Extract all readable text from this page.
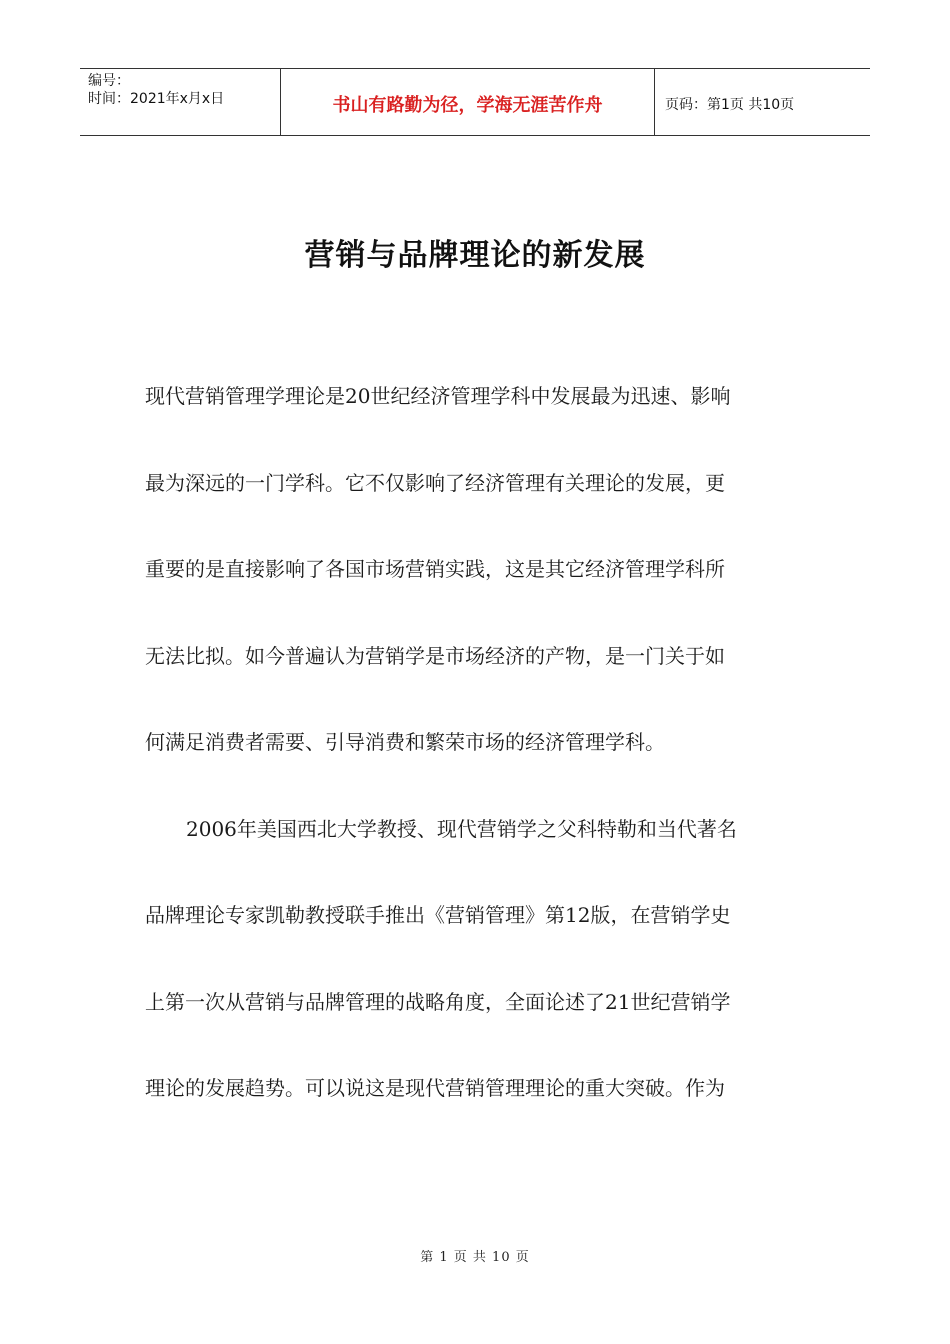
编号：
时间：2021年x月x日	书山有路勤为径，学海无涯苦作舟	页码：第1页 共10页
营销与品牌理论的新发展
现代营销管理学理论是20世纪经济管理学科中发展最为迅速、影响
最为深远的一门学科。它不仅影响了经济管理有关理论的发展，更
重要的是直接影响了各国市场营销实践，这是其它经济管理学科所
无法比拟。如今普遍认为营销学是市场经济的产物，是一门关于如
何满足消费者需要、引导消费和繁荣市场的经济管理学科。
2006年美国西北大学教授、现代营销学之父科特勒和当代著名
品牌理论专家凯勒教授联手推出《营销管理》第12版，在营销学史
上第一次从营销与品牌管理的战略角度，全面论述了21世纪营销学
理论的发展趋势。可以说这是现代营销管理理论的重大突破。作为
第 1 页 共 10 页
